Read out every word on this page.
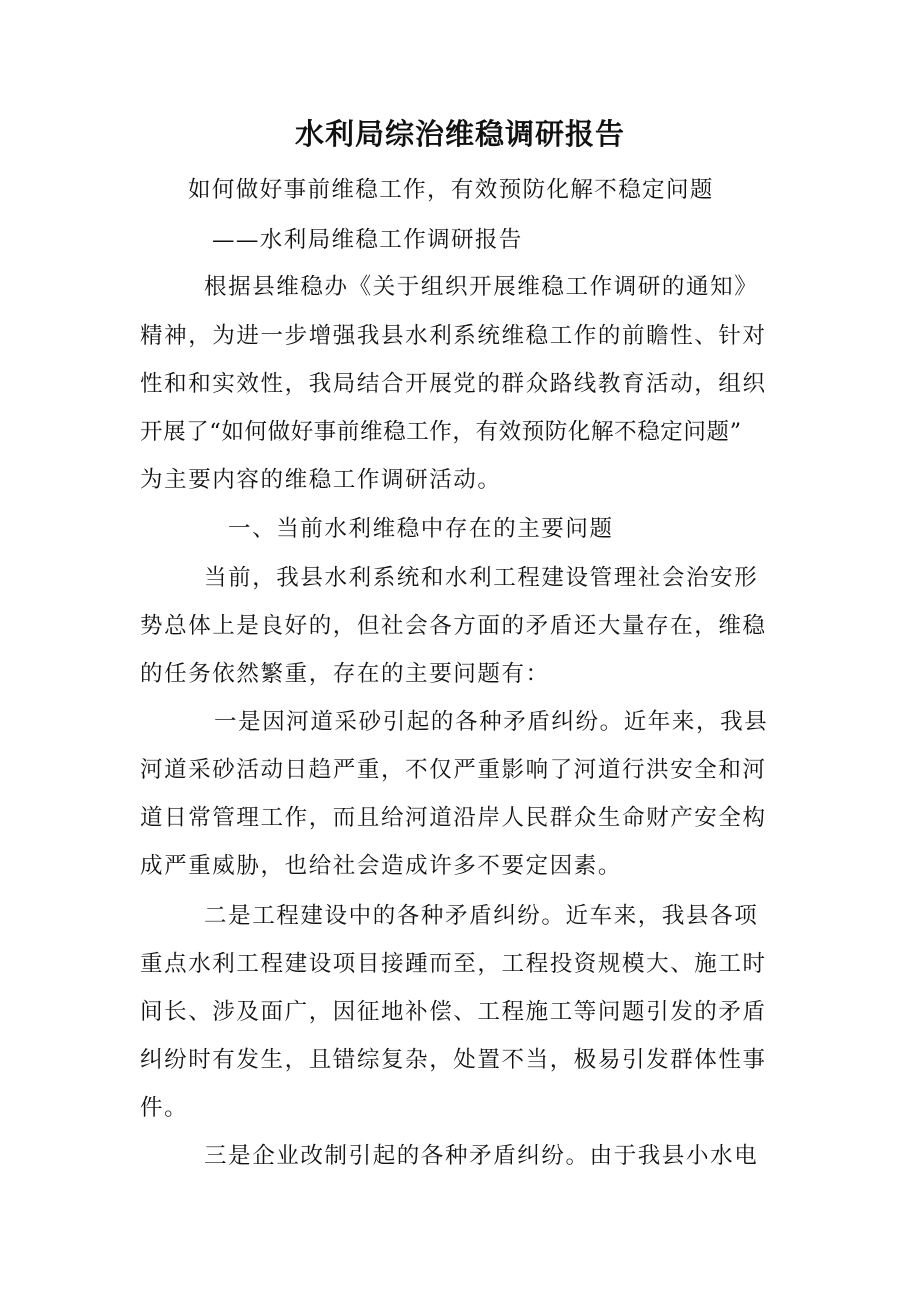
水利局综治维稳调研报告
如何做好事前维稳工作，有效预防化解不稳定问题
——水利局维稳工作调研报告
根据县维稳办《关于组织开展维稳工作调研的通知》
精神，为进一步增强我县水利系统维稳工作的前瞻性、针对
性和和实效性，我局结合开展党的群众路线教育活动，组织
开展了“如何做好事前维稳工作，有效预防化解不稳定问题”
为主要内容的维稳工作调研活动。
一、当前水利维稳中存在的主要问题
当前，我县水利系统和水利工程建设管理社会治安形
势总体上是良好的，但社会各方面的矛盾还大量存在，维稳
的任务依然繁重，存在的主要问题有：
一是因河道采砂引起的各种矛盾纠纷。近年来，我县
河道采砂活动日趋严重，不仅严重影响了河道行洪安全和河
道日常管理工作，而且给河道沿岸人民群众生命财产安全构
成严重威胁，也给社会造成许多不要定因素。
二是工程建设中的各种矛盾纠纷。近车来，我县各项
重点水利工程建设项目接踵而至，工程投资规模大、施工时
间长、涉及面广，因征地补偿、工程施工等问题引发的矛盾
纠纷时有发生，且错综复杂，处置不当，极易引发群体性事
件。
三是企业改制引起的各种矛盾纠纷。由于我县小水电
